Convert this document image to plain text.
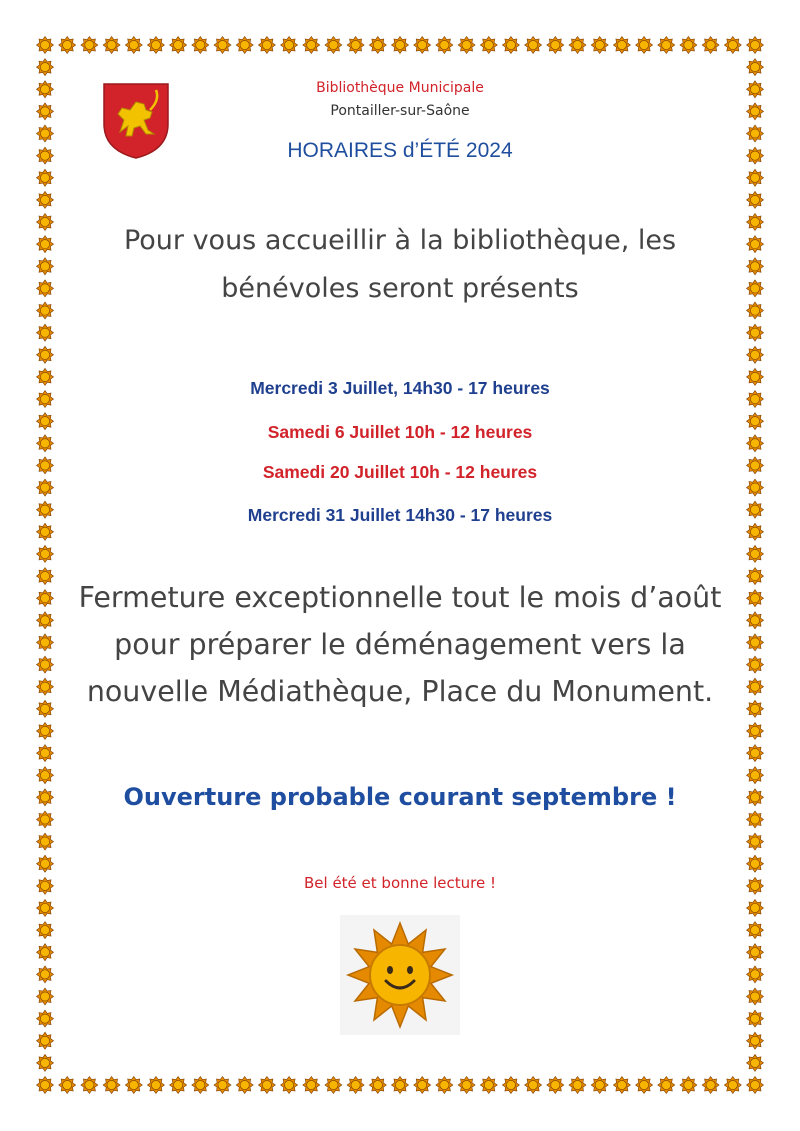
Bibliothèque Municipale
Pontailler-sur-Saône
HORAIRES d’ÉTÉ 2024
Pour vous accueillir à la bibliothèque, les
bénévoles seront présents
Mercredi 3 Juillet, 14h30 - 17 heures
Samedi 6 Juillet 10h - 12 heures
Samedi 20 Juillet 10h - 12 heures
Mercredi 31 Juillet 14h30 - 17 heures
Fermeture exceptionnelle tout le mois d’août
pour préparer le déménagement vers la
nouvelle Médiathèque, Place du Monument.
Ouverture probable courant septembre !
Bel été et bonne lecture !
